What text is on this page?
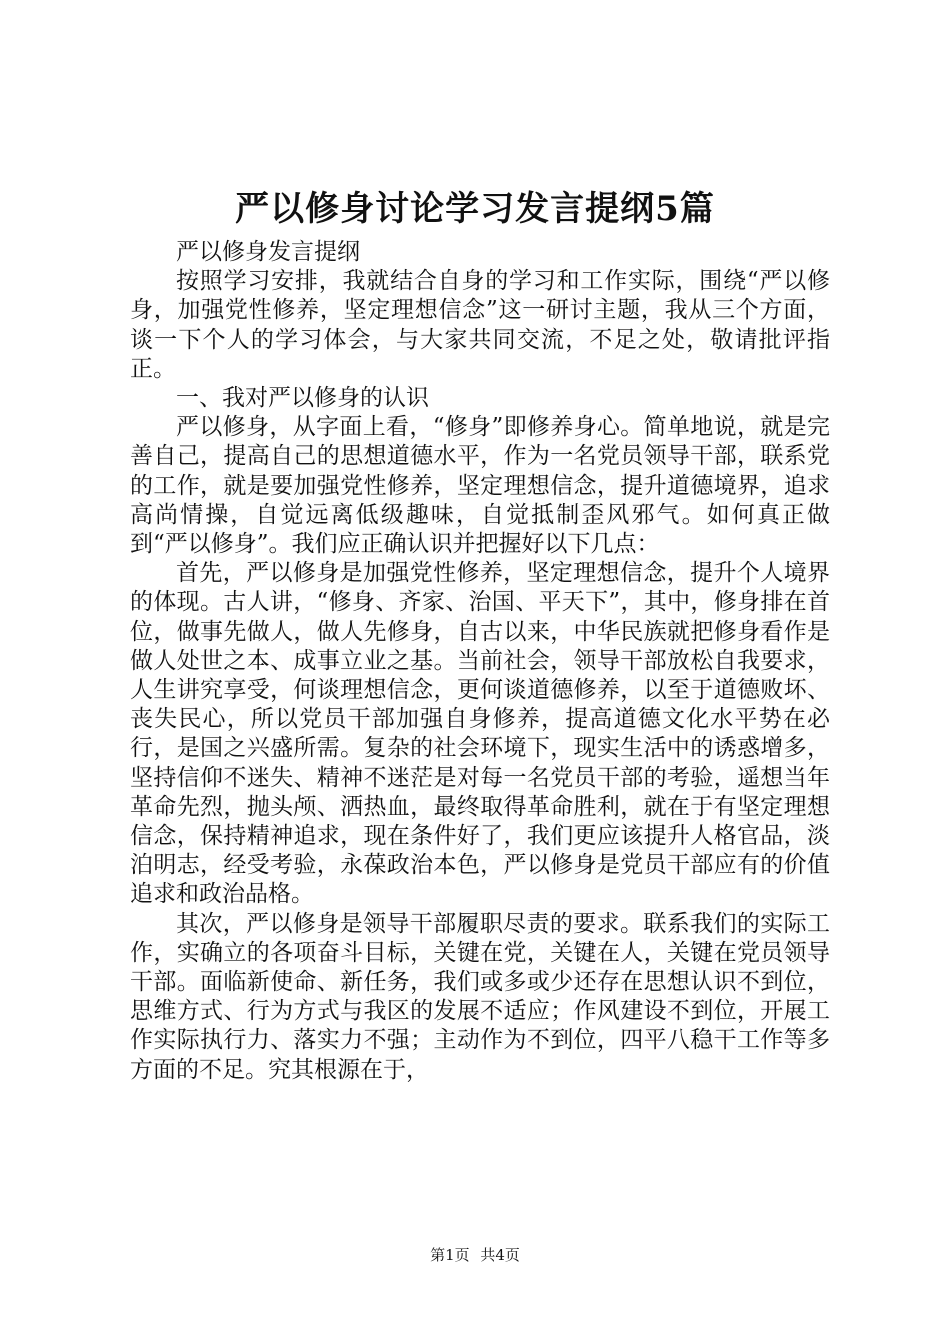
严以修身讨论学习发言提纲5篇

严以修身发言提纲

按照学习安排，我就结合自身的学习和工作实际，围绕“严以修身，加强党性修养，坚定理想信念”这一研讨主题，我从三个方面，谈一下个人的学习体会，与大家共同交流，不足之处，敬请批评指正。

一、我对严以修身的认识

严以修身，从字面上看，“修身”即修养身心。简单地说，就是完善自己，提高自己的思想道德水平，作为一名党员领导干部，联系党的工作，就是要加强党性修养，坚定理想信念，提升道德境界，追求高尚情操，自觉远离低级趣味，自觉抵制歪风邪气。如何真正做到“严以修身”。我们应正确认识并把握好以下几点：

首先，严以修身是加强党性修养，坚定理想信念，提升个人境界的体现。古人讲，“修身、齐家、治国、平天下”，其中，修身排在首位，做事先做人，做人先修身，自古以来，中华民族就把修身看作是做人处世之本、成事立业之基。当前社会，领导干部放松自我要求，人生讲究享受，何谈理想信念，更何谈道德修养，以至于道德败坏、丧失民心，所以党员干部加强自身修养，提高道德文化水平势在必行，是国之兴盛所需。复杂的社会环境下，现实生活中的诱惑增多，坚持信仰不迷失、精神不迷茫是对每一名党员干部的考验，遥想当年革命先烈，抛头颅、洒热血，最终取得革命胜利，就在于有坚定理想信念，保持精神追求，现在条件好了，我们更应该提升人格官品，淡泊明志，经受考验，永葆政治本色，严以修身是党员干部应有的价值追求和政治品格。

其次，严以修身是领导干部履职尽责的要求。联系我们的实际工作，实确立的各项奋斗目标，关键在党，关键在人，关键在党员领导干部。面临新使命、新任务，我们或多或少还存在思想认识不到位，思维方式、行为方式与我区的发展不适应；作风建设不到位，开展工作实际执行力、落实力不强；主动作为不到位，四平八稳干工作等多方面的不足。究其根源在于，

第1页 共4页
